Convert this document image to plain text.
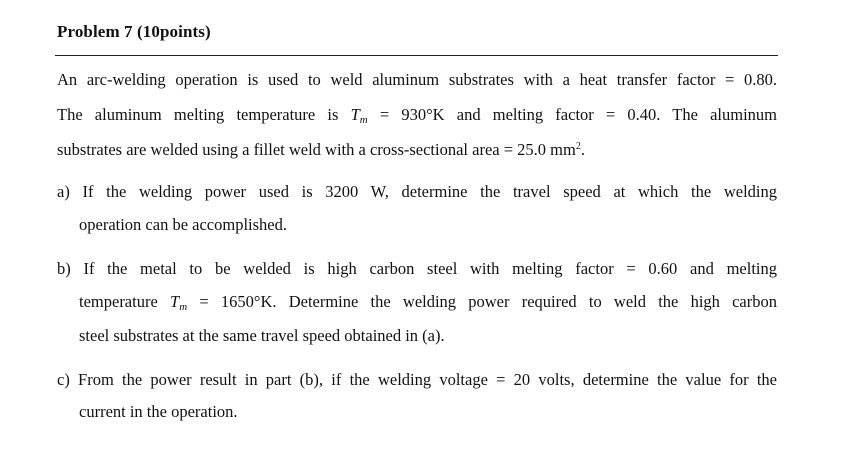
Problem 7 (10points)
An arc-welding operation is used to weld aluminum substrates with a heat transfer factor = 0.80.
The aluminum melting temperature is $T_m = 930^\circ K$ and melting factor = 0.40. The aluminum
substrates are welded using a fillet weld with a cross-sectional area = 25.0 $mm^2$.
a) If the welding power used is 3200 W, determine the travel speed at which the welding
operation can be accomplished.
b) If the metal to be welded is high carbon steel with melting factor = 0.60 and melting
temperature $T_m = 1650^\circ K$. Determine the welding power required to weld the high carbon
steel substrates at the same travel speed obtained in (a).
c) From the power result in part (b), if the welding voltage = 20 volts, determine the value for the
current in the operation.
